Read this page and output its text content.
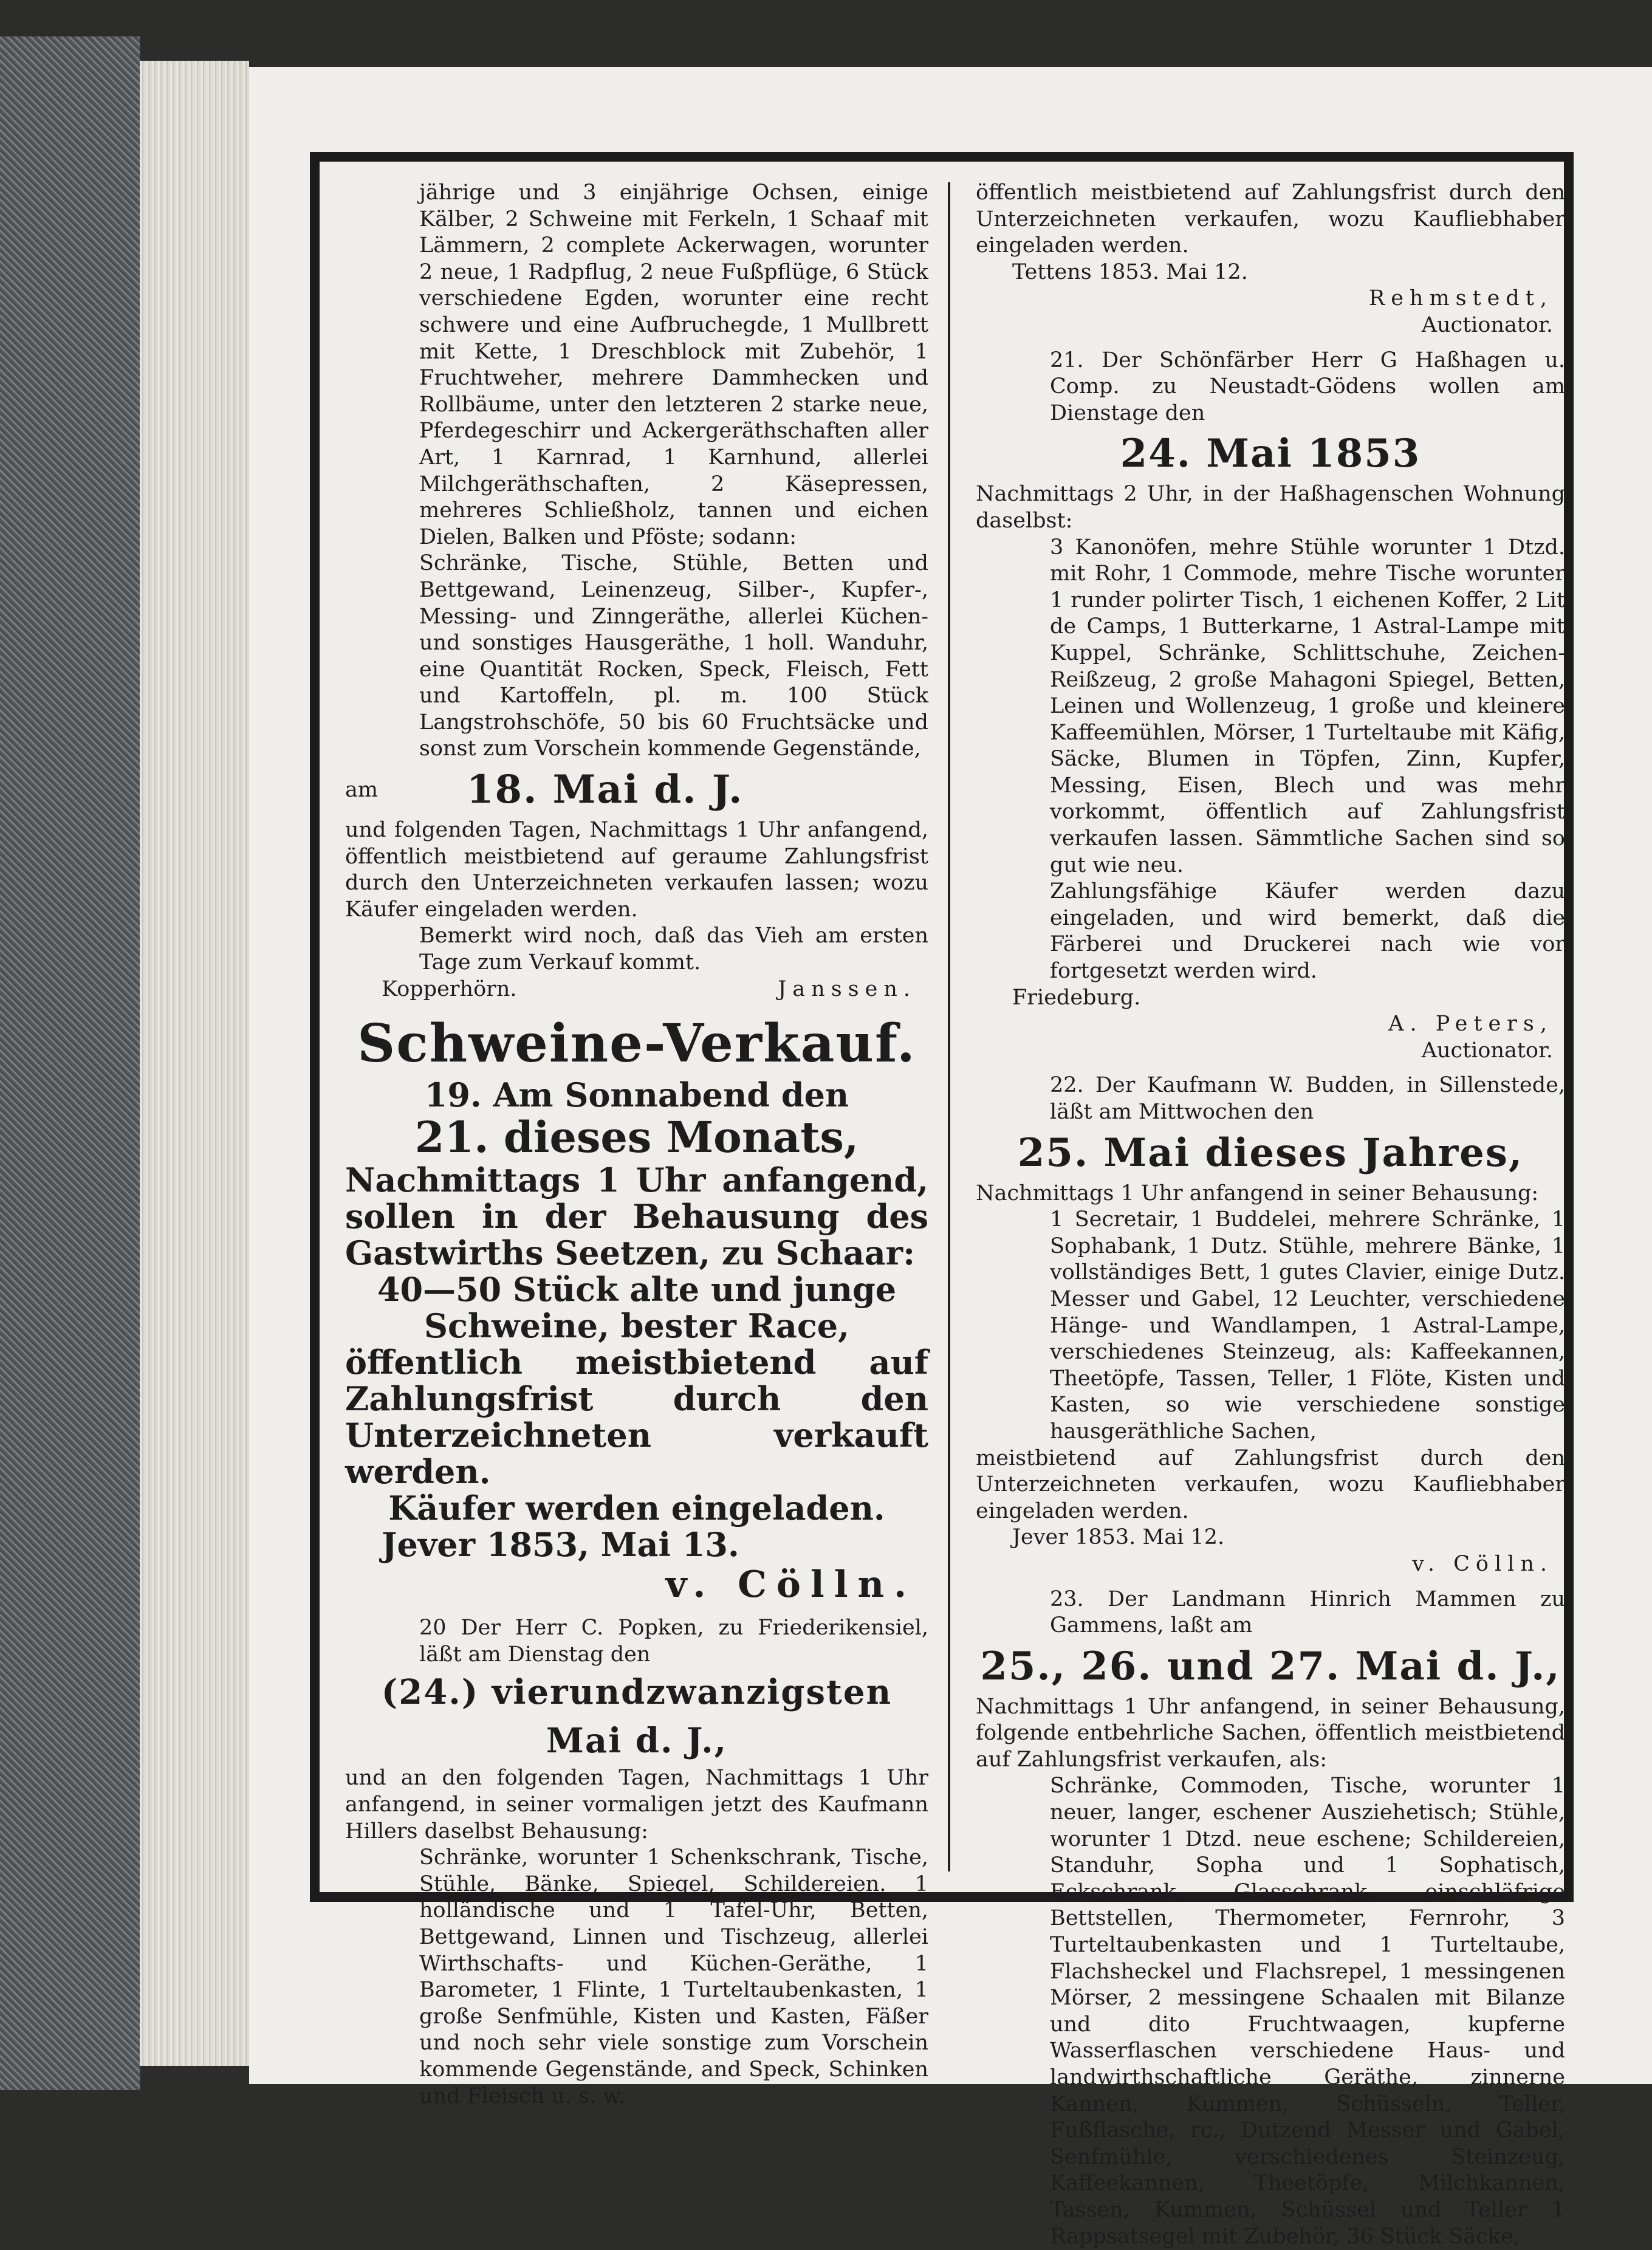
jährige und 3 einjährige Ochsen, einige Kälber, 2 Schweine mit Ferkeln, 1 Schaaf mit Lämmern, 2 complete Ackerwagen, worunter 2 neue, 1 Radpflug, 2 neue Fußpflüge, 6 Stück verschiedene Egden, worunter eine recht schwere und eine Aufbruchegde, 1 Mullbrett mit Kette, 1 Dreschblock mit Zubehör, 1 Fruchtweher, mehrere Dammhecken und Rollbäume, unter den letzteren 2 starke neue, Pferdegeschirr und Ackergeräthschaften aller Art, 1 Karnrad, 1 Karnhund, allerlei Milchgeräthschaften, 2 Käsepressen, mehreres Schließholz, tannen und eichen Dielen, Balken und Pföste; sodann:

Schränke, Tische, Stühle, Betten und Bettgewand, Leinenzeug, Silber-, Kupfer-, Messing- und Zinngeräthe, allerlei Küchen- und sonstiges Hausgeräthe, 1 holl. Wanduhr, eine Quantität Rocken, Speck, Fleisch, Fett und Kartoffeln, pl. m. 100 Stück Langstrohschöfe, 50 bis 60 Fruchtsäcke und sonst zum Vorschein kommende Gegenstände,

am	18. Mai d. J.

und folgenden Tagen, Nachmittags 1 Uhr anfangend, öffentlich meistbietend auf geraume Zahlungsfrist durch den Unterzeichneten verkaufen lassen; wozu Käufer eingeladen werden.

Bemerkt wird noch, daß das Vieh am ersten Tage zum Verkauf kommt.

Kopperhörn.	Janssen.

Schweine-Verkauf.

19. Am Sonnabend den

21. dieses Monats,

Nachmittags 1 Uhr anfangend, sollen in der Behausung des Gastwirths Seetzen, zu Schaar:

40—50 Stück alte und junge

Schweine, bester Race,

öffentlich meistbietend auf Zahlungsfrist durch den Unterzeichneten verkauft werden.

Käufer werden eingeladen.

Jever 1853, Mai 13.

v. Cölln.

20 Der Herr C. Popken, zu Friederikensiel, läßt am Dienstag den

(24.) vierundzwanzigsten Mai d. J.,

und an den folgenden Tagen, Nachmittags 1 Uhr anfangend, in seiner vormaligen jetzt des Kaufmann Hillers daselbst Behausung:

Schränke, worunter 1 Schenkschrank, Tische, Stühle, Bänke, Spiegel, Schildereien. 1 holländische und 1 Tafel-Uhr, Betten, Bettgewand, Linnen und Tischzeug, allerlei Wirthschafts- und Küchen-Geräthe, 1 Barometer, 1 Flinte, 1 Turteltaubenkasten, 1 große Senfmühle, Kisten und Kasten, Fäßer und noch sehr viele sonstige zum Vorschein kommende Gegenstände, and Speck, Schinken und Fleisch u. s. w.

öffentlich meistbietend auf Zahlungsfrist durch den Unterzeichneten verkaufen, wozu Kaufliebhaber eingeladen werden.

Tettens 1853. Mai 12.

Rehmstedt,

Auctionator.

21. Der Schönfärber Herr G Haßhagen u. Comp. zu Neustadt-Gödens wollen am Dienstage den

24. Mai 1853

Nachmittags 2 Uhr, in der Haßhagenschen Wohnung daselbst:

3 Kanonöfen, mehre Stühle worunter 1 Dtzd. mit Rohr, 1 Commode, mehre Tische worunter 1 runder polirter Tisch, 1 eichenen Koffer, 2 Lit de Camps, 1 Butterkarne, 1 Astral-Lampe mit Kuppel, Schränke, Schlittschuhe, Zeichen-Reißzeug, 2 große Mahagoni Spiegel, Betten, Leinen und Wollenzeug, 1 große und kleinere Kaffeemühlen, Mörser, 1 Turteltaube mit Käfig, Säcke, Blumen in Töpfen, Zinn, Kupfer, Messing, Eisen, Blech und was mehr vorkommt, öffentlich auf Zahlungsfrist verkaufen lassen. Sämmtliche Sachen sind so gut wie neu.

Zahlungsfähige Käufer werden dazu eingeladen, und wird bemerkt, daß die Färberei und Druckerei nach wie vor fortgesetzt werden wird.

Friedeburg.

A. Peters,

Auctionator.

22. Der Kaufmann W. Budden, in Sillenstede, läßt am Mittwochen den

25. Mai dieses Jahres,

Nachmittags 1 Uhr anfangend in seiner Behausung:

1 Secretair, 1 Buddelei, mehrere Schränke, 1 Sophabank, 1 Dutz. Stühle, mehrere Bänke, 1 vollständiges Bett, 1 gutes Clavier, einige Dutz. Messer und Gabel, 12 Leuchter, verschiedene Hänge- und Wandlampen, 1 Astral-Lampe, verschiedenes Steinzeug, als: Kaffeekannen, Theetöpfe, Tassen, Teller, 1 Flöte, Kisten und Kasten, so wie verschiedene sonstige hausgeräthliche Sachen,

meistbietend auf Zahlungsfrist durch den Unterzeichneten verkaufen, wozu Kaufliebhaber eingeladen werden.

Jever 1853. Mai 12.

v. Cölln.

23. Der Landmann Hinrich Mammen zu Gammens, laßt am

25., 26. und 27. Mai d. J.,

Nachmittags 1 Uhr anfangend, in seiner Behausung, folgende entbehrliche Sachen, öffentlich meistbietend auf Zahlungsfrist verkaufen, als:

Schränke, Commoden, Tische, worunter 1 neuer, langer, eschener Ausziehetisch; Stühle, worunter 1 Dtzd. neue eschene; Schildereien, Standuhr, Sopha und 1 Sophatisch, Eckschrank, Glasschrank, einschläfrige Bettstellen, Thermometer, Fernrohr, 3 Turteltaubenkasten und 1 Turteltaube, Flachsheckel und Flachsrepel, 1 messingenen Mörser, 2 messingene Schaalen mit Bilanze und dito Fruchtwaagen, kupferne Wasserflaschen verschiedene Haus- und landwirthschaftliche Geräthe, zinnerne Kannen, Kummen, Schüsseln, Teller, Fußflasche, rc., Dutzend Messer und Gabel, Senfmühle, verschiedenes Steinzeug, Kaffeekannen, Theetöpfe, Milchkannen, Tassen, Kummen, Schüssel und Teller 1 Rappsatsegel mit Zubehör, 36 Stück Säcke,
